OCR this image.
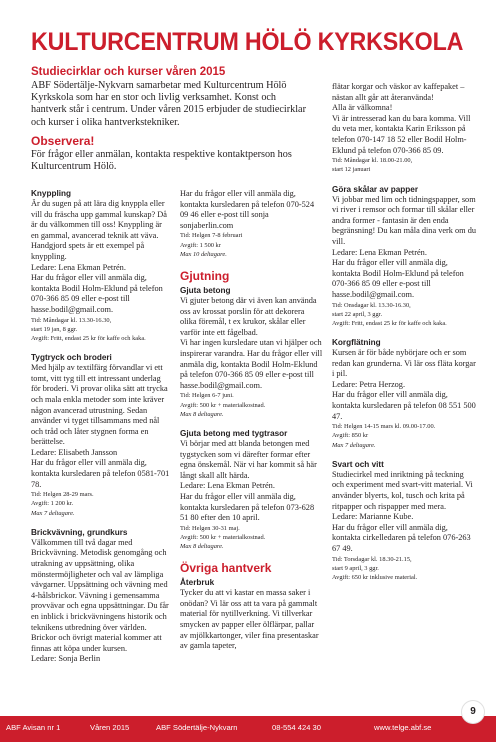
KULTURCENTRUM HÖLÖ KYRKSKOLA
Studiecirklar och kurser våren 2015

ABF Södertälje-Nykvarn samarbetar med Kulturcentrum Hölö Kyrkskola som har en stor och livlig verksamhet. Konst och hantverk står i centrum. Under våren 2015 erbjuder de studiecirklar och kurser i olika hantverkstekniker.

Observera!

För frågor eller anmälan, kontakta respektive kontaktperson hos Kulturcentrum Hölö.

Knyppling
Är du sugen på att lära dig knyppla eller vill du fräscha upp gammal kunskap? Då är du välkommen till oss! Knyppling är en gammal, avancerad teknik att väva. Handgjord spets är ett exempel på knyppling.
Ledare: Lena Ekman Petrén.
Har du frågor eller vill anmäla dig, kontakta Bodil Holm-Eklund på telefon 070-366 85 09 eller e-post till hasse.bodil@gmail.com.
Tid: Måndagar kl. 13.30-16.30,
start 19 jan, 8 ggr.
Avgift: Fritt, endast 25 kr för kaffe och kaka.
Tygtryck och broderi
Med hjälp av textilfärg förvandlar vi ett tomt, vitt tyg till ett intressant underlag för broderi. Vi provar olika sätt att trycka och mala enkla metoder som inte kräver någon avancerad utrustning. Sedan använder vi tyget tillsammans med nål och tråd och låter stygnen forma en berättelse.
Ledare: Elisabeth Jansson
Har du frågor eller vill anmäla dig, kontakta kursledaren på telefon 0581-701 78.
Tid: Helgen 28-29 mars.
Avgift: 1 200 kr.
Max 7 deltagare.
Brickvävning, grundkurs
Välkommen till två dagar med Brickvävning. Metodisk genomgång och utrakning av uppsättning, olika mönstermöjligheter och val av lämpliga vävgarner. Uppsättning och vävning med 4-hålsbrickor. Vävning i gemensamma provvävar och egna uppsättningar. Du får en inblick i brickvävningens historik och teknikens utbredning över världen. Brickor och övrigt material kommer att finnas att köpa under kursen.
Ledare: Sonja Berlin
Har du frågor eller vill anmäla dig, kontakta kursledaren på telefon 070-524 09 46 eller e-post till sonja sonjaberlin.com
Tid: Helgen 7-8 februari
Avgift: 1 500 kr
Max 10 deltagare.
Gjutning
Gjuta betong
Vi gjuter betong där vi även kan använda oss av krossat porslin för att dekorera olika föremål, t ex krukor, skålar eller varför inte ett fågelbad.
Vi har ingen kursledare utan vi hjälper och inspirerar varandra. Har du frågor eller vill anmäla dig, kontakta Bodil Holm-Eklund på telefon 070-366 85 09 eller e-post till hasse.bodil@gmail.com.
Tid: Helgen 6-7 juni.
Avgift: 500 kr + materialkostnad.
Max 8 deltagare.
Gjuta betong med tygtrasor
Vi börjar med att blanda betongen med tygstycken som vi därefter formar efter egna önskemål. När vi har kommit så här långt skall allt härda.
Ledare: Lena Ekman Petrén.
Har du frågor eller vill anmäla dig, kontakta kursledaren på telefon 073-628 51 80 efter den 10 april.
Tid: Helgen 30-31 maj.
Avgift: 500 kr + materialkostnad.
Max 8 deltagare.
Övriga hantverk
Återbruk
Tycker du att vi kastar en massa saker i onödan? Vi lär oss att ta vara på gammalt material för nytillverkning. Vi tillverkar smycken av papper eller ölflärpar, pallar av mjölkkartonger, viler fina presentaskar av gamla tapeter,
flätar korgar och väskor av kaffepaket – nästan allt går att återanvända!
Alla är välkomna!
Vi är intresserad kan du bara komma. Vill du veta mer, kontakta Karin Eriksson på telefon 070-147 18 52 eller Bodil Holm-Eklund på telefon 070-366 85 09.
Tid: Måndagar kl. 18.00-21.00,
start 12 januari
Göra skålar av papper
Vi jobbar med lim och tidningspapper, som vi river i remsor och formar till skålar eller andra former - fantasin är den enda begränsning! Du kan måla dina verk om du vill.
Ledare: Lena Ekman Petrén.
Har du frågor eller vill anmäla dig, kontakta Bodil Holm-Eklund på telefon 070-366 85 09 eller e-post till hasse.bodil@gmail.com.
Tid: Onsdagar kl. 13.30-16.30,
start 22 april, 3 ggr.
Avgift: Fritt, endast 25 kr för kaffe och kaka.
Korgflätning
Kursen är för både nybörjare och er som redan kan grunderna. Vi lär oss fläta korgar i pil.
Ledare: Petra Herzog.
Har du frågor eller vill anmäla dig, kontakta kursledaren på telefon 08 551 500 47.
Tid: Helgen 14-15 mars kl. 09.00-17.00.
Avgift: 850 kr
Max 7 deltagare.
Svart och vitt
Studiecirkel med inriktning på teckning och experiment med svart-vitt material. Vi använder blyerts, kol, tusch och krita på ritpapper och rispapper med mera.
Ledare: Marianne Kube.
Har du frågor eller vill anmäla dig, kontakta cirkelledaren på telefon 076-263 67 49.
Tid: Torsdagar kl. 18.30-21.15,
start 9 april, 3 ggr.
Avgift: 650 kr inklusive material.
ABF Avisan nr 1	Våren 2015	ABF Södertälje-Nykvarn	08-554 424 30	www.telge.abf.se
9
